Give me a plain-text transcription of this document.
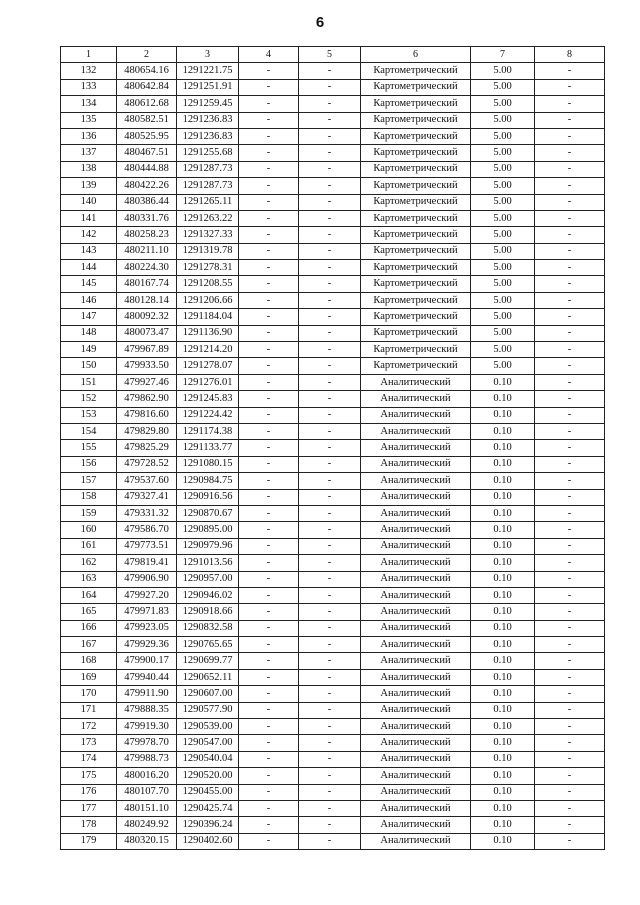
6
1	2	3	4	5	6	7	8
132	480654.16	1291221.75	-	-	Картометрический	5.00	-
133	480642.84	1291251.91	-	-	Картометрический	5.00	-
134	480612.68	1291259.45	-	-	Картометрический	5.00	-
135	480582.51	1291236.83	-	-	Картометрический	5.00	-
136	480525.95	1291236.83	-	-	Картометрический	5.00	-
137	480467.51	1291255.68	-	-	Картометрический	5.00	-
138	480444.88	1291287.73	-	-	Картометрический	5.00	-
139	480422.26	1291287.73	-	-	Картометрический	5.00	-
140	480386.44	1291265.11	-	-	Картометрический	5.00	-
141	480331.76	1291263.22	-	-	Картометрический	5.00	-
142	480258.23	1291327.33	-	-	Картометрический	5.00	-
143	480211.10	1291319.78	-	-	Картометрический	5.00	-
144	480224.30	1291278.31	-	-	Картометрический	5.00	-
145	480167.74	1291208.55	-	-	Картометрический	5.00	-
146	480128.14	1291206.66	-	-	Картометрический	5.00	-
147	480092.32	1291184.04	-	-	Картометрический	5.00	-
148	480073.47	1291136.90	-	-	Картометрический	5.00	-
149	479967.89	1291214.20	-	-	Картометрический	5.00	-
150	479933.50	1291278.07	-	-	Картометрический	5.00	-
151	479927.46	1291276.01	-	-	Аналитический	0.10	-
152	479862.90	1291245.83	-	-	Аналитический	0.10	-
153	479816.60	1291224.42	-	-	Аналитический	0.10	-
154	479829.80	1291174.38	-	-	Аналитический	0.10	-
155	479825.29	1291133.77	-	-	Аналитический	0.10	-
156	479728.52	1291080.15	-	-	Аналитический	0.10	-
157	479537.60	1290984.75	-	-	Аналитический	0.10	-
158	479327.41	1290916.56	-	-	Аналитический	0.10	-
159	479331.32	1290870.67	-	-	Аналитический	0.10	-
160	479586.70	1290895.00	-	-	Аналитический	0.10	-
161	479773.51	1290979.96	-	-	Аналитический	0.10	-
162	479819.41	1291013.56	-	-	Аналитический	0.10	-
163	479906.90	1290957.00	-	-	Аналитический	0.10	-
164	479927.20	1290946.02	-	-	Аналитический	0.10	-
165	479971.83	1290918.66	-	-	Аналитический	0.10	-
166	479923.05	1290832.58	-	-	Аналитический	0.10	-
167	479929.36	1290765.65	-	-	Аналитический	0.10	-
168	479900.17	1290699.77	-	-	Аналитический	0.10	-
169	479940.44	1290652.11	-	-	Аналитический	0.10	-
170	479911.90	1290607.00	-	-	Аналитический	0.10	-
171	479888.35	1290577.90	-	-	Аналитический	0.10	-
172	479919.30	1290539.00	-	-	Аналитический	0.10	-
173	479978.70	1290547.00	-	-	Аналитический	0.10	-
174	479988.73	1290540.04	-	-	Аналитический	0.10	-
175	480016.20	1290520.00	-	-	Аналитический	0.10	-
176	480107.70	1290455.00	-	-	Аналитический	0.10	-
177	480151.10	1290425.74	-	-	Аналитический	0.10	-
178	480249.92	1290396.24	-	-	Аналитический	0.10	-
179	480320.15	1290402.60	-	-	Аналитический	0.10	-
